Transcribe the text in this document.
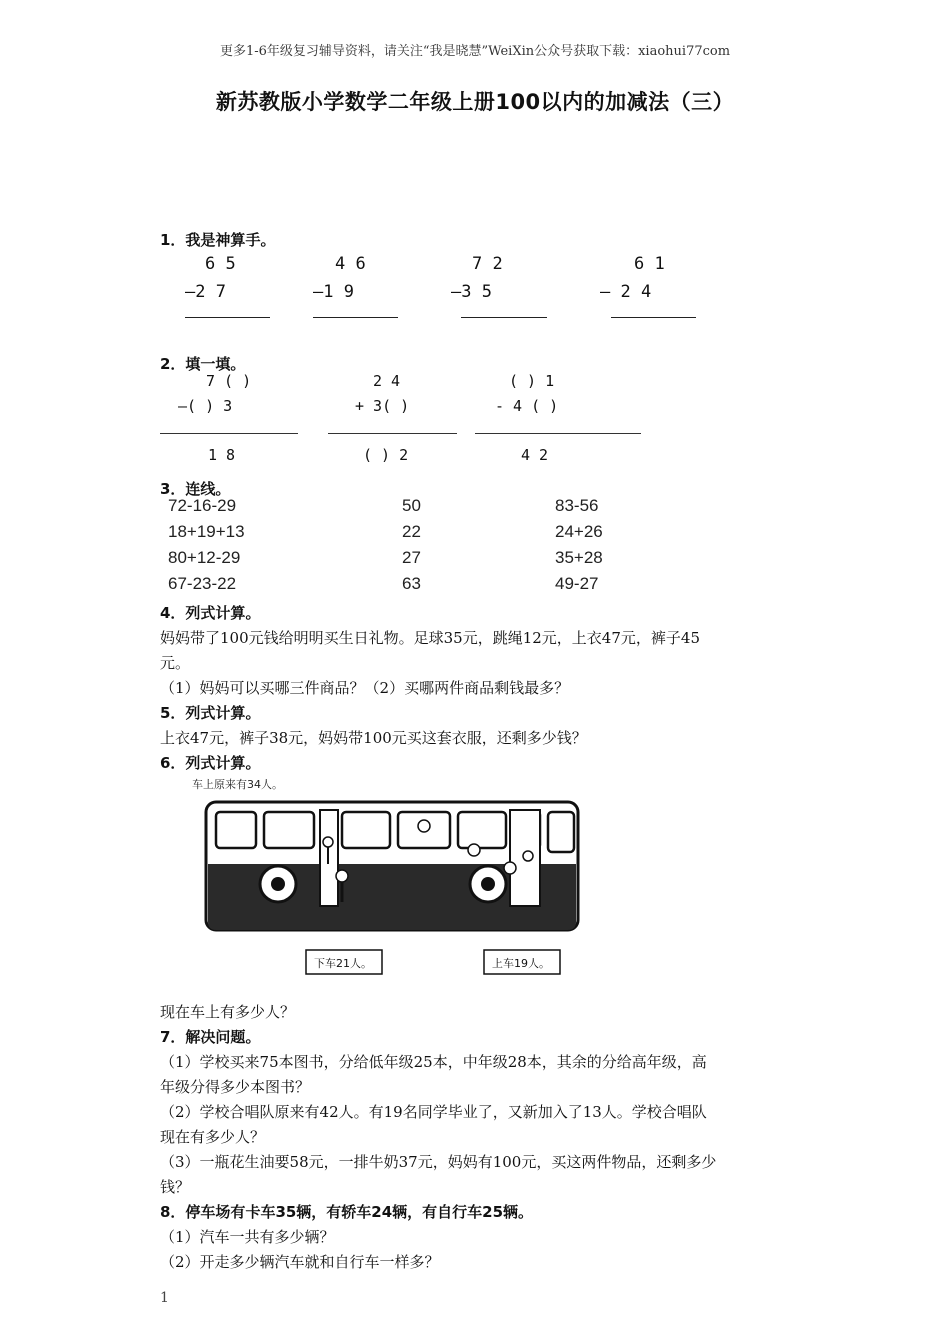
更多1-6年级复习辅导资料，请关注“我是晓慧”WeiXin公众号获取下载：xiaohui77com
新苏教版小学数学二年级上册100以内的加减法（三）
1．我是神算手。
6 5
—2 7
4 6
—1 9
7 2
—3 5
6 1
— 2 4
2．填一填。
7 ( )
—( ) 3
1 8
2 4
+ 3( )
( ) 2
( ) 1
- 4 ( )
4 2
3．连线。
72-16-29
18+19+13
80+12-29
67-23-22
50
22
27
63
83-56
24+26
35+28
49-27
4．列式计算。
妈妈带了100元钱给明明买生日礼物。足球35元，跳绳12元，上衣47元，裤子45
元。
（1）妈妈可以买哪三件商品？（2）买哪两件商品剩钱最多？
5．列式计算。
上衣47元，裤子38元，妈妈带100元买这套衣服，还剩多少钱？
6．列式计算。
车上原来有34人。
下车21人。	上车19人。
现在车上有多少人？
7．解决问题。
（1）学校买来75本图书，分给低年级25本，中年级28本，其余的分给高年级，高
年级分得多少本图书？
（2）学校合唱队原来有42人。有19名同学毕业了，又新加入了13人。学校合唱队
现在有多少人？
（3）一瓶花生油要58元，一排牛奶37元，妈妈有100元，买这两件物品，还剩多少
钱？
8．停车场有卡车35辆，有轿车24辆，有自行车25辆。
（1）汽车一共有多少辆？
（2）开走多少辆汽车就和自行车一样多？
1
